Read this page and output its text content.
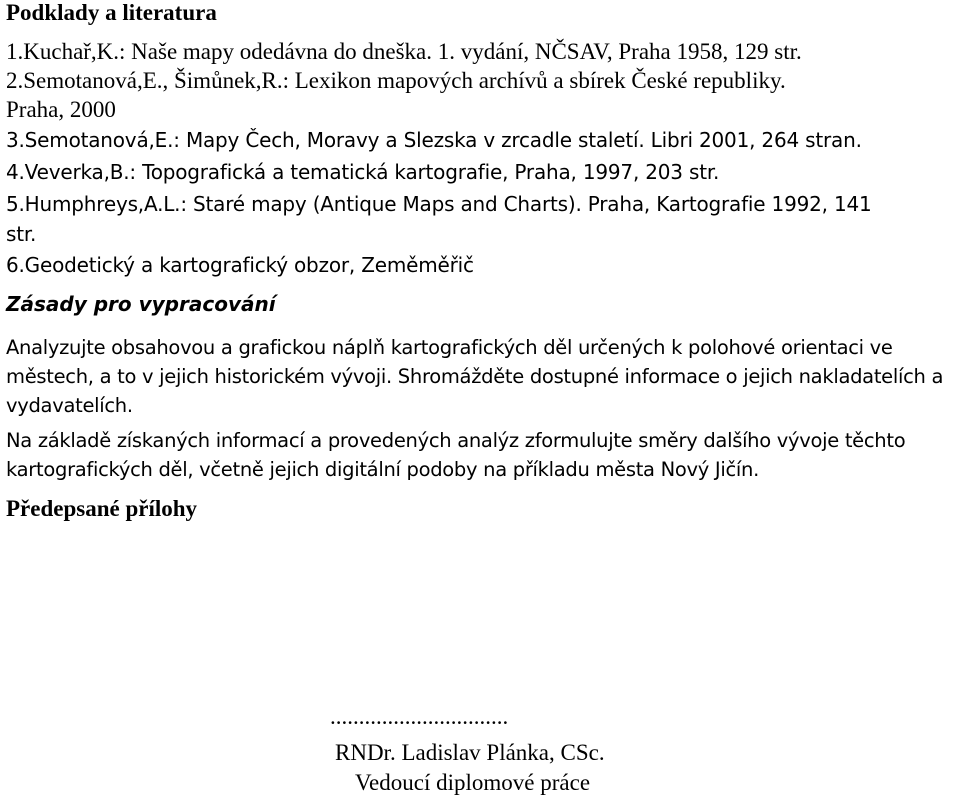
Podklady a literatura
1.Kuchař,K.: Naše mapy odedávna do dneška. 1. vydání, NČSAV, Praha 1958, 129 str.
2.Semotanová,E., Šimůnek,R.: Lexikon mapových archívů a sbírek České republiky.
Praha, 2000
3.Semotanová,E.: Mapy Čech, Moravy a Slezska v zrcadle staletí. Libri 2001, 264 stran.
4.Veverka,B.: Topografická a tematická kartografie, Praha, 1997, 203 str.
5.Humphreys,A.L.: Staré mapy (Antique Maps and Charts). Praha, Kartografie 1992, 141
str.
6.Geodetický a kartografický obzor, Zeměměřič
Zásady pro vypracování
Analyzujte obsahovou a grafickou náplň kartografických děl určených k polohové orientaci ve městech, a to v jejich historickém vývoji. Shromážděte dostupné informace o jejich nakladatelích a vydavatelích.
Na základě získaných informací a provedených analýz zformulujte směry dalšího vývoje těchto kartografických děl, včetně jejich digitální podoby na příkladu města Nový Jičín.
Předepsané přílohy
...............................
RNDr. Ladislav Plánka, CSc.
Vedoucí diplomové práce
